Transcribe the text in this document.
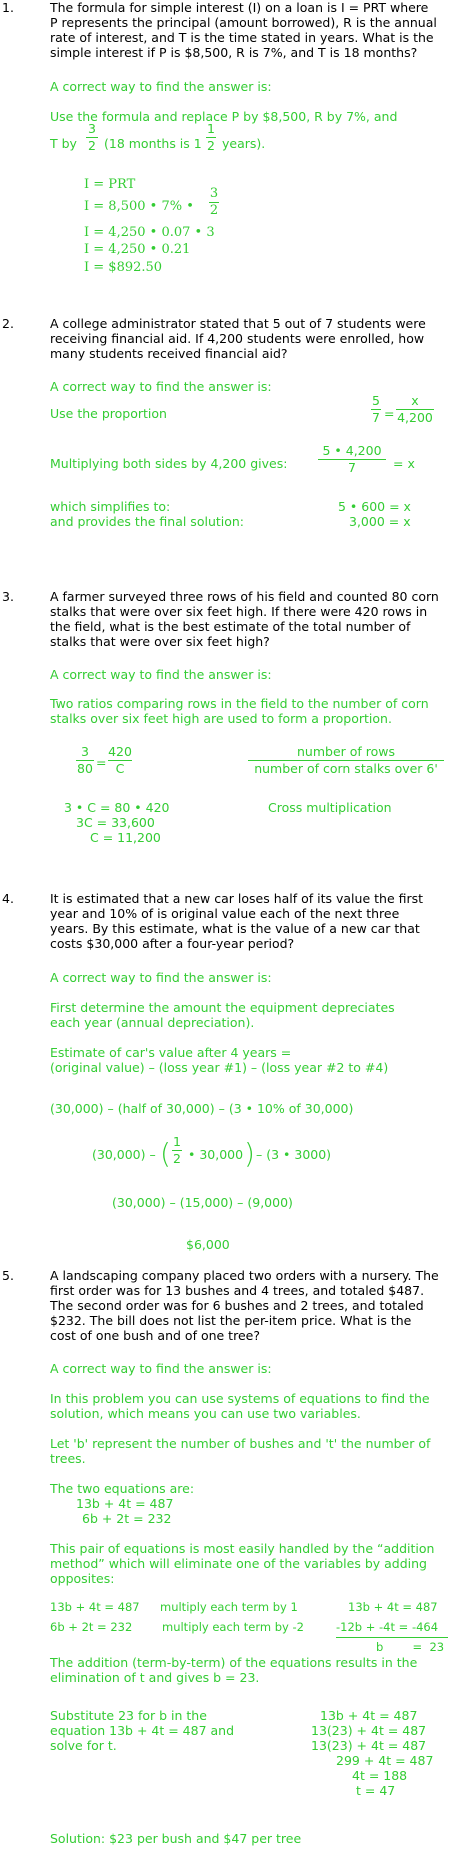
1.	The formula for simple interest (I) on a loan is I = PRT where
P represents the principal (amount borrowed), R is the annual
rate of interest, and T is the time stated in years. What is the
simple interest if P is $8,500, R is 7%, and T is 18 months?
A correct way to find the answer is:
Use the formula and replace P by $8,500, R by 7%, and
T by
3
2 (18 months is 1
1
2 years).
I = PRT
I = 8,500 • 7% •
3
2
I = 4,250 • 0.07 • 3
I = 4,250 • 0.21
I = $892.50
2.	A college administrator stated that 5 out of 7 students were
receiving financial aid. If 4,200 students were enrolled, how
many students received financial aid?
A correct way to find the answer is:
Use the proportion
5
7 =
x
4,200
Multiplying both sides by 4,200 gives:
5 • 4,200
7	= x
which simplifies to:
and provides the final solution:
5 • 600 = x
3,000 = x
3.	A farmer surveyed three rows of his field and counted 80 corn
stalks that were over six feet high. If there were 420 rows in
the field, what is the best estimate of the total number of
stalks that were over six feet high?
A correct way to find the answer is:
Two ratios comparing rows in the field to the number of corn
stalks over six feet high are used to form a proportion.
3
80 =
420
C
number of rows
number of corn stalks over 6'
3 • C = 80 • 420
3C = 33,600
C = 11,200
Cross multiplication
4.	It is estimated that a new car loses half of its value the first
year and 10% of is original value each of the next three
years. By this estimate, what is the value of a new car that
costs $30,000 after a four-year period?
A correct way to find the answer is:
First determine the amount the equipment depreciates
each year (annual depreciation).
Estimate of car's value after 4 years =
(original value) – (loss year #1) – (loss year #2 to #4)
(30,000) – (half of 30,000) – (3 • 10% of 30,000)
(30,000) – ( 1
2 • 30,000 ) – (3 • 3000)
(30,000) – (15,000) – (9,000)
$6,000
5.	A landscaping company placed two orders with a nursery. The
first order was for 13 bushes and 4 trees, and totaled $487.
The second order was for 6 bushes and 2 trees, and totaled
$232. The bill does not list the per-item price. What is the
cost of one bush and of one tree?
A correct way to find the answer is:
In this problem you can use systems of equations to find the
solution, which means you can use two variables.
Let 'b' represent the number of bushes and 't' the number of
trees.
The two equations are:
13b + 4t = 487
6b + 2t = 232
This pair of equations is most easily handled by the “addition
method” which will eliminate one of the variables by adding
opposites:
13b + 4t = 487 multiply each term by 1	13b + 4t = 487
6b + 2t = 232	multiply each term by -2	-12b + -4t = -464
b        =  23
The addition (term-by-term) of the equations results in the
elimination of t and gives b = 23.
Substitute 23 for b in the
equation 13b + 4t = 487 and
solve for t.
13b + 4t = 487
13(23) + 4t = 487
13(23) + 4t = 487
299 + 4t = 487
4t = 188
t = 47
Solution: $23 per bush and $47 per tree
